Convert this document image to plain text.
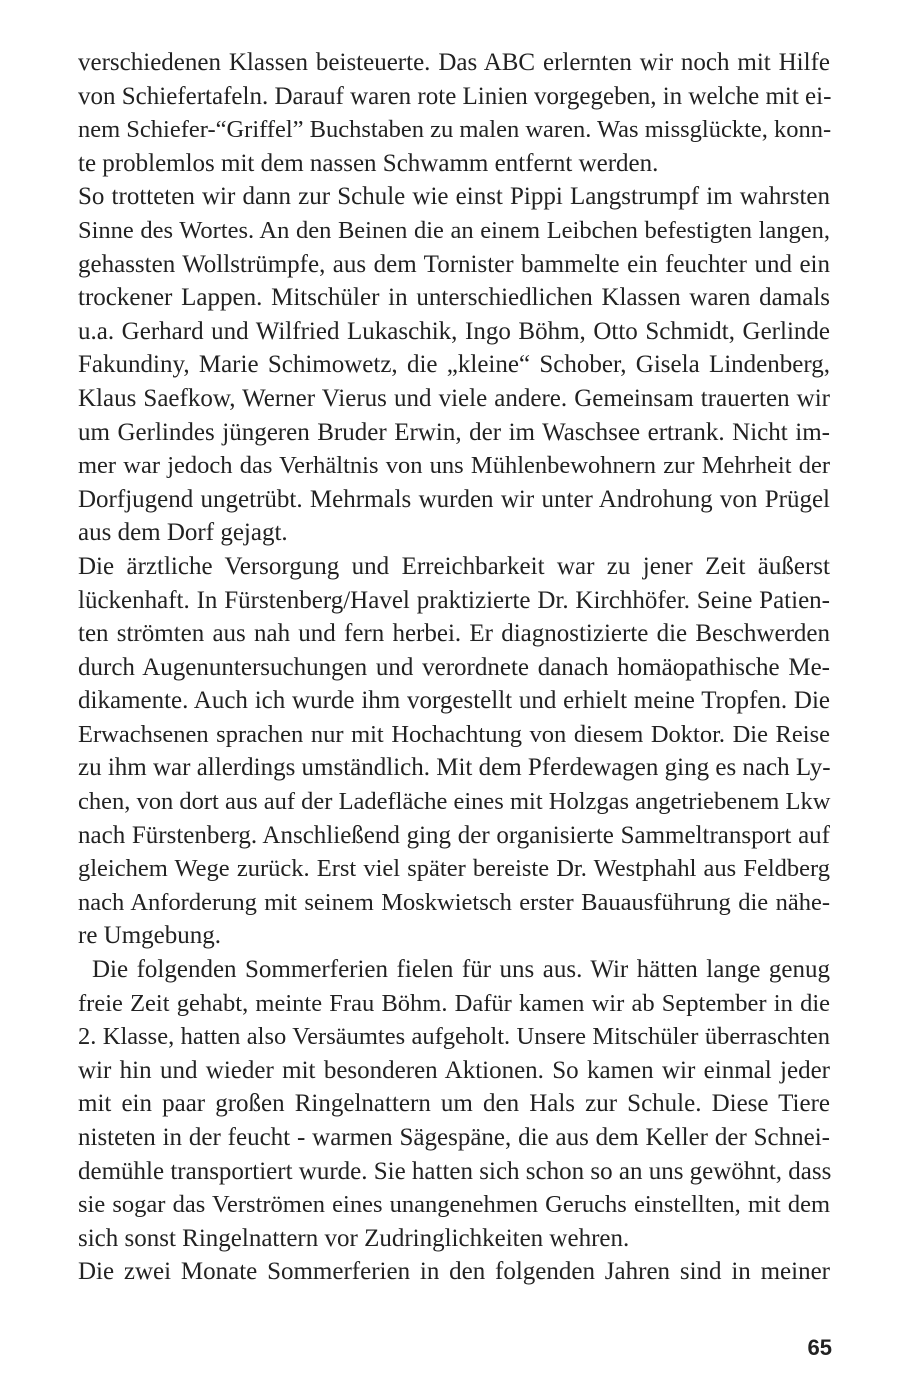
verschiedenen Klassen beisteuerte. Das ABC erlernten wir noch mit Hilfe
von Schiefertafeln. Darauf waren rote Linien vorgegeben, in welche mit ei-
nem Schiefer-“Griffel” Buchstaben zu malen waren. Was missglückte, konn-
te problemlos mit dem nassen Schwamm entfernt werden.
So trotteten wir dann zur Schule wie einst Pippi Langstrumpf im wahrsten
Sinne des Wortes. An den Beinen die an einem Leibchen befestigten langen,
gehassten Wollstrümpfe, aus dem Tornister bammelte ein feuchter und ein
trockener Lappen. Mitschüler in unterschiedlichen Klassen waren damals
u.a. Gerhard und Wilfried Lukaschik, Ingo Böhm, Otto Schmidt, Gerlinde
Fakundiny, Marie Schimowetz, die „kleine“ Schober, Gisela Lindenberg,
Klaus Saefkow, Werner Vierus und viele andere. Gemeinsam trauerten wir
um Gerlindes jüngeren Bruder Erwin, der im Waschsee ertrank. Nicht im-
mer war jedoch das Verhältnis von uns Mühlenbewohnern zur Mehrheit der
Dorfjugend ungetrübt. Mehrmals wurden wir unter Androhung von Prügel
aus dem Dorf gejagt.
Die ärztliche Versorgung und Erreichbarkeit war zu jener Zeit äußerst
lückenhaft. In Fürstenberg/Havel praktizierte Dr. Kirchhöfer. Seine Patien-
ten strömten aus nah und fern herbei. Er diagnostizierte die Beschwerden
durch Augenuntersuchungen und verordnete danach homäopathische Me-
dikamente. Auch ich wurde ihm vorgestellt und erhielt meine Tropfen. Die
Erwachsenen sprachen nur mit Hochachtung von diesem Doktor. Die Reise
zu ihm war allerdings umständlich. Mit dem Pferdewagen ging es nach Ly-
chen, von dort aus auf der Ladefläche eines mit Holzgas angetriebenem Lkw
nach Fürstenberg. Anschließend ging der organisierte Sammeltransport auf
gleichem Wege zurück. Erst viel später bereiste Dr. Westphahl aus Feldberg
nach Anforderung mit seinem Moskwietsch erster Bauausführung die nähe-
re Umgebung.
Die folgenden Sommerferien fielen für uns aus. Wir hätten lange genug
freie Zeit gehabt, meinte Frau Böhm. Dafür kamen wir ab September in die
2. Klasse, hatten also Versäumtes aufgeholt. Unsere Mitschüler überraschten
wir hin und wieder mit besonderen Aktionen. So kamen wir einmal jeder
mit ein paar großen Ringelnattern um den Hals zur Schule. Diese Tiere
nisteten in der feucht - warmen Sägespäne, die aus dem Keller der Schnei-
demühle transportiert wurde. Sie hatten sich schon so an uns gewöhnt, dass
sie sogar das Verströmen eines unangenehmen Geruchs einstellten, mit dem
sich sonst Ringelnattern vor Zudringlichkeiten wehren.
Die zwei Monate Sommerferien in den folgenden Jahren sind in meiner
65
